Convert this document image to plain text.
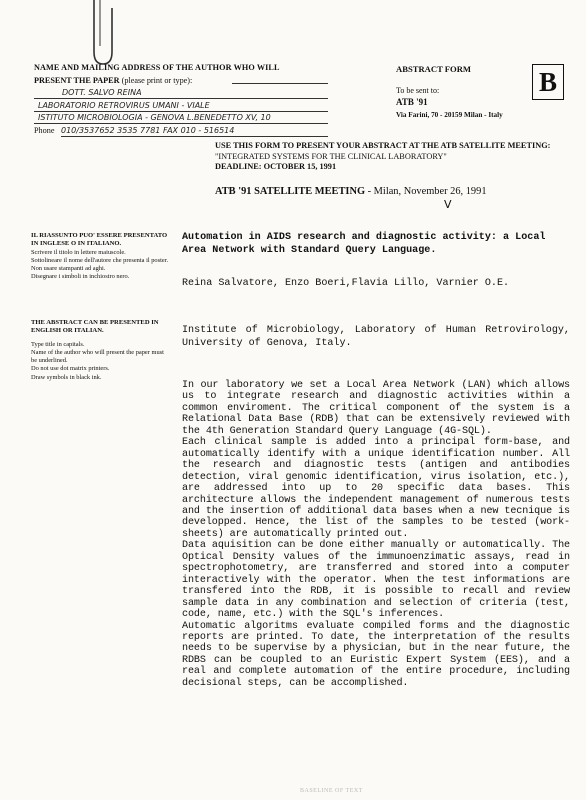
NAME AND MAILING ADDRESS OF THE AUTHOR WHO WILL
PRESENT THE PAPER (please print or type):
DOTT. SALVO REINA
LABORATORIO RETROVIRUS UMANI - VIALE
ISTITUTO MICROBIOLOGIA - GENOVA L.BENEDETTO XV, 10
Phone 010/3537652 3535 7781 FAX 010 - 516514
ABSTRACT FORM
To be sent to:
ATB '91
Via Farini, 70 - 20159 Milan - Italy
B
USE THIS FORM TO PRESENT YOUR ABSTRACT AT THE ATB SATELLITE MEETING:
"INTEGRATED SYSTEMS FOR THE CLINICAL LABORATORY"
DEADLINE: OCTOBER 15, 1991
ATB '91 SATELLITE MEETING - Milan, November 26, 1991
V
IL RIASSUNTO PUO' ESSERE PRESENTATO IN INGLESE O IN ITALIANO.
Scrivere il titolo in lettere maiuscole.
Sottolineare il nome dell'autore che presenta il poster.
Non usare stampanti ad aghi.
Disegnare i simboli in inchiostro nero.
THE ABSTRACT CAN BE PRESENTED IN ENGLISH OR ITALIAN.
Type title in capitals.
Name of the author who will present the paper must be underlined.
Do not use dot matrix printers.
Draw symbols in black ink.
Automation in AIDS research and diagnostic activity: a Local Area Network with Standard Query Language.
Reina Salvatore, Enzo Boeri,Flavia Lillo, Varnier O.E.
Institute of Microbiology, Laboratory of Human Retrovirology, University of Genova, Italy.
In our laboratory we set a Local Area Network (LAN) which allows us to integrate research and diagnostic activities within a common enviroment. The critical component of the system is a Relational Data Base (RDB) that can be extensively reviewed with the 4th Generation Standard Query Language (4G-SQL).
Each clinical sample is added into a principal form-base, and automatically identify with a unique identification number. All the research and diagnostic tests (antigen and antibodies detection, viral genomic identification, virus isolation, etc.), are addressed into up to 20 specific data bases. This architecture allows the independent management of numerous tests and the insertion of additional data bases when a new tecnique is developped. Hence, the list of the samples to be tested (work-sheets) are automatically printed out.
Data aquisition can be done either manually or automatically. The Optical Density values of the immunoenzimatic assays, read in spectrophotometry, are transferred and stored into a computer interactively with the operator. When the test informations are transfered into the RDB, it is possible to recall and review sample data in any combination and selection of criteria (test, code, name, etc.) with the SQL's inferences.
Automatic algoritms evaluate compiled forms and the diagnostic reports are printed. To date, the interpretation of the results needs to be supervise by a physician, but in the near future, the RDBS can be coupled to an Euristic Expert System (EES), and a real and complete automation of the entire procedure, including decisional steps, can be accomplished.
BASELINE OF TEXT
